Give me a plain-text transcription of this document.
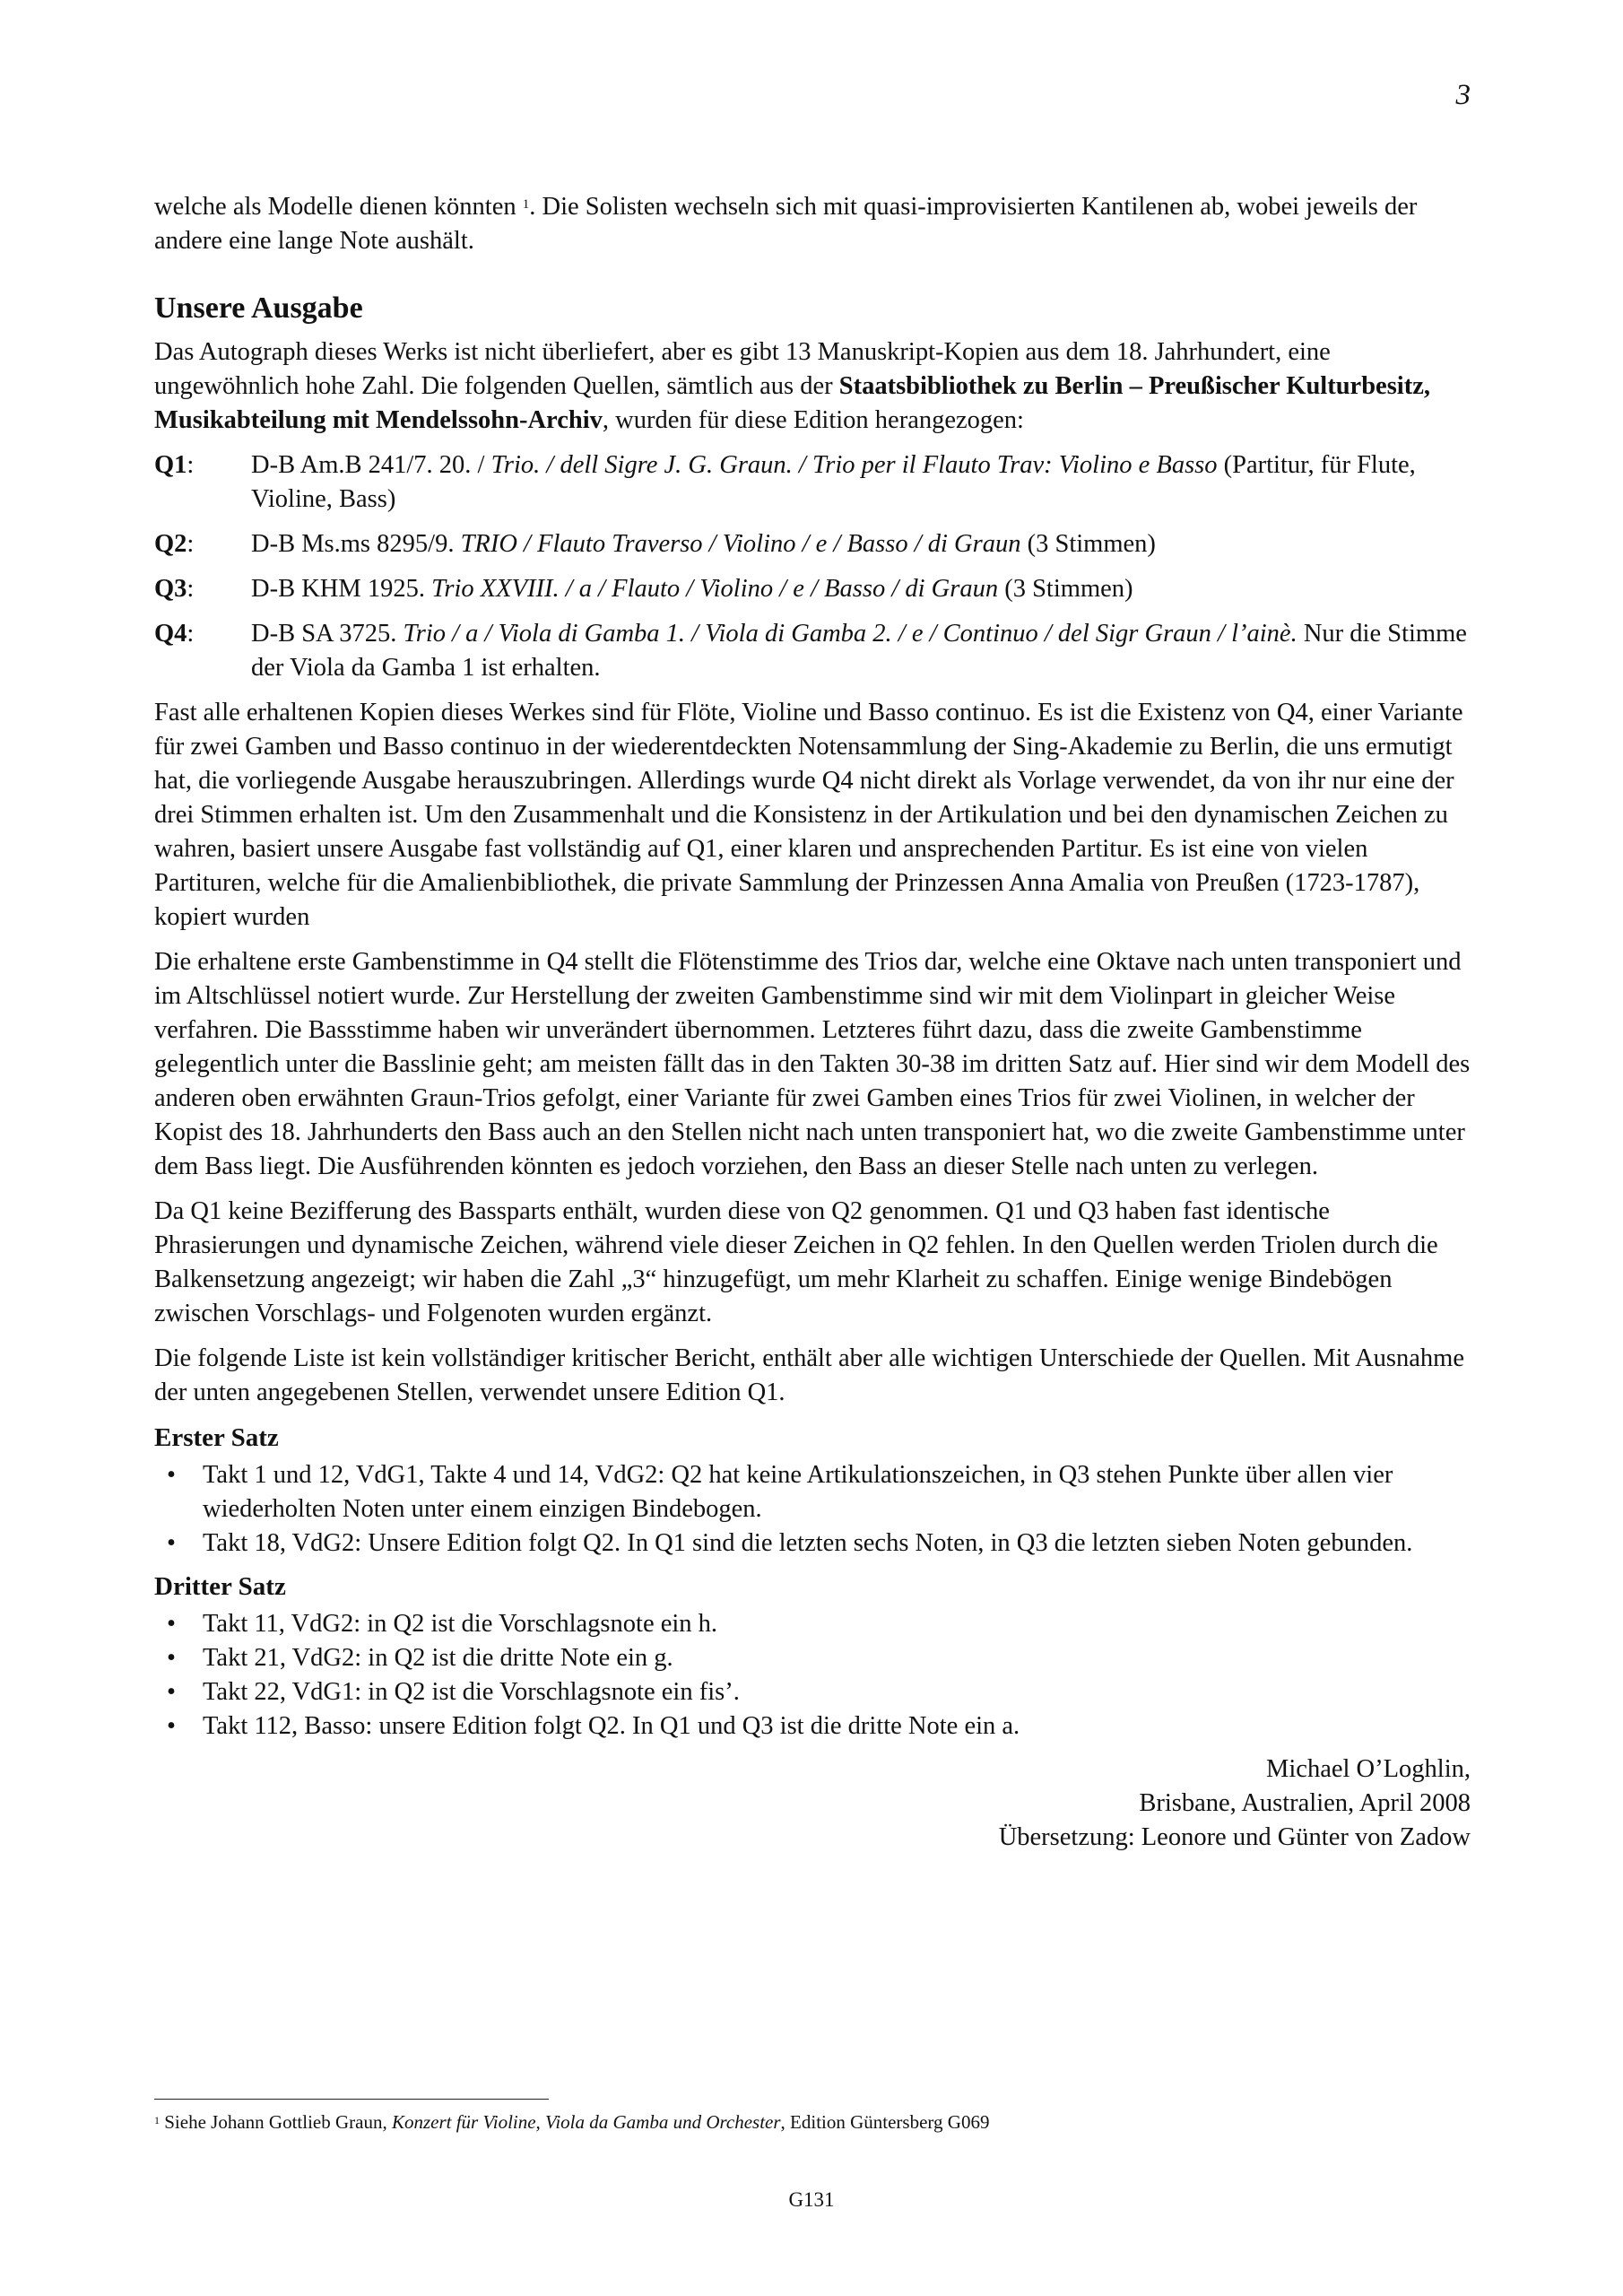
3

welche als Modelle dienen könnten $^1$. Die Solisten wechseln sich mit quasi-improvisierten Kantilenen ab, wobei jeweils der andere eine lange Note aushält.

Unsere Ausgabe

Das Autograph dieses Werks ist nicht überliefert, aber es gibt 13 Manuskript-Kopien aus dem 18. Jahrhundert, eine ungewöhnlich hohe Zahl. Die folgenden Quellen, sämtlich aus der Staatsbibliothek zu Berlin – Preußischer Kulturbesitz, Musikabteilung mit Mendelssohn-Archiv, wurden für diese Edition herangezogen:

Q1:	D-B Am.B 241/7. 20. / Trio. / dell Sigre J. G. Graun. / Trio per il Flauto Trav: Violino e Basso (Partitur, für Flute, Violine, Bass)
Q2:	D-B Ms.ms 8295/9. TRIO / Flauto Traverso / Violino / e / Basso / di Graun (3 Stimmen)
Q3:	D-B KHM 1925. Trio XXVIII. / a / Flauto / Violino / e / Basso / di Graun (3 Stimmen)
Q4:	D-B SA 3725. Trio / a / Viola di Gamba 1. / Viola di Gamba 2. / e / Continuo / del Sigr Graun / l’ainè. Nur die Stimme der Viola da Gamba 1 ist erhalten.

Fast alle erhaltenen Kopien dieses Werkes sind für Flöte, Violine und Basso continuo. Es ist die Existenz von Q4, einer Variante für zwei Gamben und Basso continuo in der wiederentdeckten Notensammlung der Sing-Akademie zu Berlin, die uns ermutigt hat, die vorliegende Ausgabe herauszubringen. Allerdings wurde Q4 nicht direkt als Vorlage verwendet, da von ihr nur eine der drei Stimmen erhalten ist. Um den Zusammenhalt und die Konsistenz in der Artikulation und bei den dynamischen Zeichen zu wahren, basiert unsere Ausgabe fast vollständig auf Q1, einer klaren und ansprechenden Partitur. Es ist eine von vielen Partituren, welche für die Amalienbibliothek, die private Sammlung der Prinzessen Anna Amalia von Preußen (1723-1787), kopiert wurden

Die erhaltene erste Gambenstimme in Q4 stellt die Flötenstimme des Trios dar, welche eine Oktave nach unten transponiert und im Altschlüssel notiert wurde. Zur Herstellung der zweiten Gambenstimme sind wir mit dem Violinpart in gleicher Weise verfahren. Die Bassstimme haben wir unverändert übernommen. Letzteres führt dazu, dass die zweite Gambenstimme gelegentlich unter die Basslinie geht; am meisten fällt das in den Takten 30-38 im dritten Satz auf. Hier sind wir dem Modell des anderen oben erwähnten Graun-Trios gefolgt, einer Variante für zwei Gamben eines Trios für zwei Violinen, in welcher der Kopist des 18. Jahrhunderts den Bass auch an den Stellen nicht nach unten transponiert hat, wo die zweite Gambenstimme unter dem Bass liegt. Die Ausführenden könnten es jedoch vorziehen, den Bass an dieser Stelle nach unten zu verlegen.

Da Q1 keine Bezifferung des Bassparts enthält, wurden diese von Q2 genommen. Q1 und Q3 haben fast identische Phrasierungen und dynamische Zeichen, während viele dieser Zeichen in Q2 fehlen. In den Quellen werden Triolen durch die Balkensetzung angezeigt; wir haben die Zahl „3“ hinzugefügt, um mehr Klarheit zu schaffen. Einige wenige Bindebögen zwischen Vorschlags- und Folgenoten wurden ergänzt.

Die folgende Liste ist kein vollständiger kritischer Bericht, enthält aber alle wichtigen Unterschiede der Quellen. Mit Ausnahme der unten angegebenen Stellen, verwendet unsere Edition Q1.

Erster Satz
•	Takt 1 und 12, VdG1, Takte 4 und 14, VdG2: Q2 hat keine Artikulationszeichen, in Q3 stehen Punkte über allen vier wiederholten Noten unter einem einzigen Bindebogen.
•	Takt 18, VdG2: Unsere Edition folgt Q2. In Q1 sind die letzten sechs Noten, in Q3 die letzten sieben Noten gebunden.
Dritter Satz
•	Takt 11, VdG2: in Q2 ist die Vorschlagsnote ein h.
•	Takt 21, VdG2: in Q2 ist die dritte Note ein g.
•	Takt 22, VdG1: in Q2 ist die Vorschlagsnote ein fis’.
•	Takt 112, Basso: unsere Edition folgt Q2. In Q1 und Q3 ist die dritte Note ein a.
Michael O’Loghlin,
Brisbane, Australien, April 2008
Übersetzung: Leonore und Günter von Zadow
$^1$ Siehe Johann Gottlieb Graun, Konzert für Violine, Viola da Gamba und Orchester, Edition Güntersberg G069
G131
